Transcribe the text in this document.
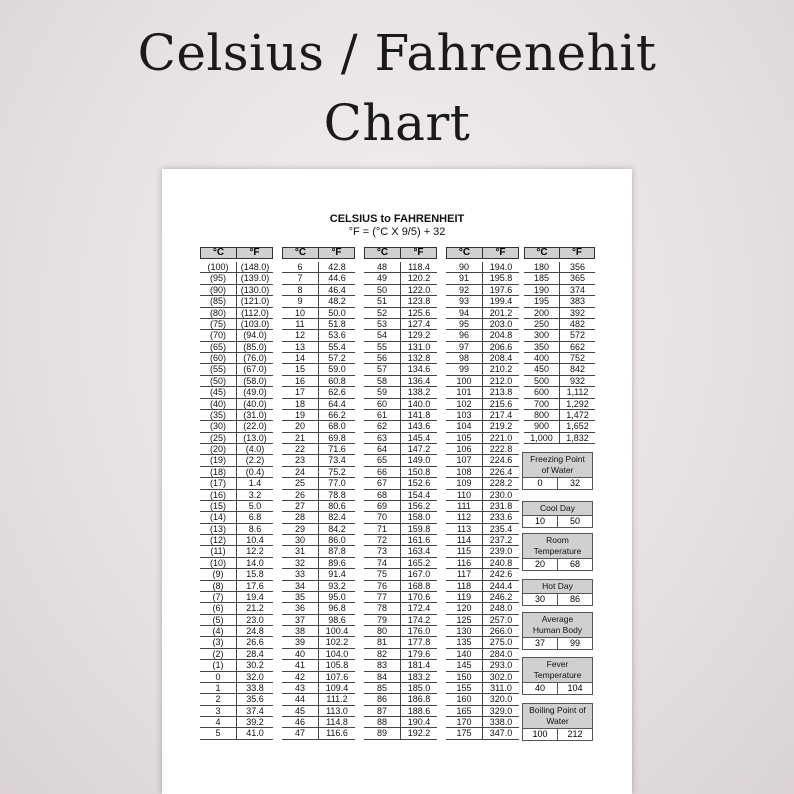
Celsius / Fahrenehit
Chart
CELSIUS to FAHRENHEIT
°F = (°C X 9/5) + 32
°C	°F
(100)	(148.0)
(95)	(139.0)
(90)	(130.0)
(85)	(121.0)
(80)	(112.0)
(75)	(103.0)
(70)	(94.0)
(65)	(85.0)
(60)	(76.0)
(55)	(67.0)
(50)	(58.0)
(45)	(49.0)
(40)	(40.0)
(35)	(31.0)
(30)	(22.0)
(25)	(13.0)
(20)	(4.0)
(19)	(2.2)
(18)	(0.4)
(17)	1.4
(16)	3.2
(15)	5.0
(14)	6.8
(13)	8.6
(12)	10.4
(11)	12.2
(10)	14.0
(9)	15.8
(8)	17.6
(7)	19.4
(6)	21.2
(5)	23.0
(4)	24.8
(3)	26.6
(2)	28.4
(1)	30.2
0	32.0
1	33.8
2	35.6
3	37.4
4	39.2
5	41.0
°C	°F
6	42.8
7	44.6
8	46.4
9	48.2
10	50.0
11	51.8
12	53.6
13	55.4
14	57.2
15	59.0
16	60.8
17	62.6
18	64.4
19	66.2
20	68.0
21	69.8
22	71.6
23	73.4
24	75.2
25	77.0
26	78.8
27	80.6
28	82.4
29	84.2
30	86.0
31	87.8
32	89.6
33	91.4
34	93.2
35	95.0
36	96.8
37	98.6
38	100.4
39	102.2
40	104.0
41	105.8
42	107.6
43	109.4
44	111.2
45	113.0
46	114.8
47	116.6
°C	°F
48	118.4
49	120.2
50	122.0
51	123.8
52	125.6
53	127.4
54	129.2
55	131.0
56	132.8
57	134.6
58	136.4
59	138.2
60	140.0
61	141.8
62	143.6
63	145.4
64	147.2
65	149.0
66	150.8
67	152.6
68	154.4
69	156.2
70	158.0
71	159.8
72	161.6
73	163.4
74	165.2
75	167.0
76	168.8
77	170.6
78	172.4
79	174.2
80	176.0
81	177.8
82	179.6
83	181.4
84	183.2
85	185.0
86	186.8
87	188.6
88	190.4
89	192.2
°C	°F
90	194.0
91	195.8
92	197.6
93	199.4
94	201.2
95	203.0
96	204.8
97	206.6
98	208.4
99	210.2
100	212.0
101	213.8
102	215.6
103	217.4
104	219.2
105	221.0
106	222.8
107	224.6
108	226.4
109	228.2
110	230.0
111	231.8
112	233.6
113	235.4
114	237.2
115	239.0
116	240.8
117	242.6
118	244.4
119	246.2
120	248.0
125	257.0
130	266.0
135	275.0
140	284.0
145	293.0
150	302.0
155	311.0
160	320.0
165	329.0
170	338.0
175	347.0
°C	°F
180	356
185	365
190	374
195	383
200	392
250	482
300	572
350	662
400	752
450	842
500	932
600	1,112
700	1,292
800	1,472
900	1,652
1,000	1,832
Freezing Point
of Water
0	32
Cool Day
10	50
Room
Temperature
20	68
Hot Day
30	86
Average
Human Body
37	99
Fever
Temperature
40	104
Boiling Point of
Water
100	212
